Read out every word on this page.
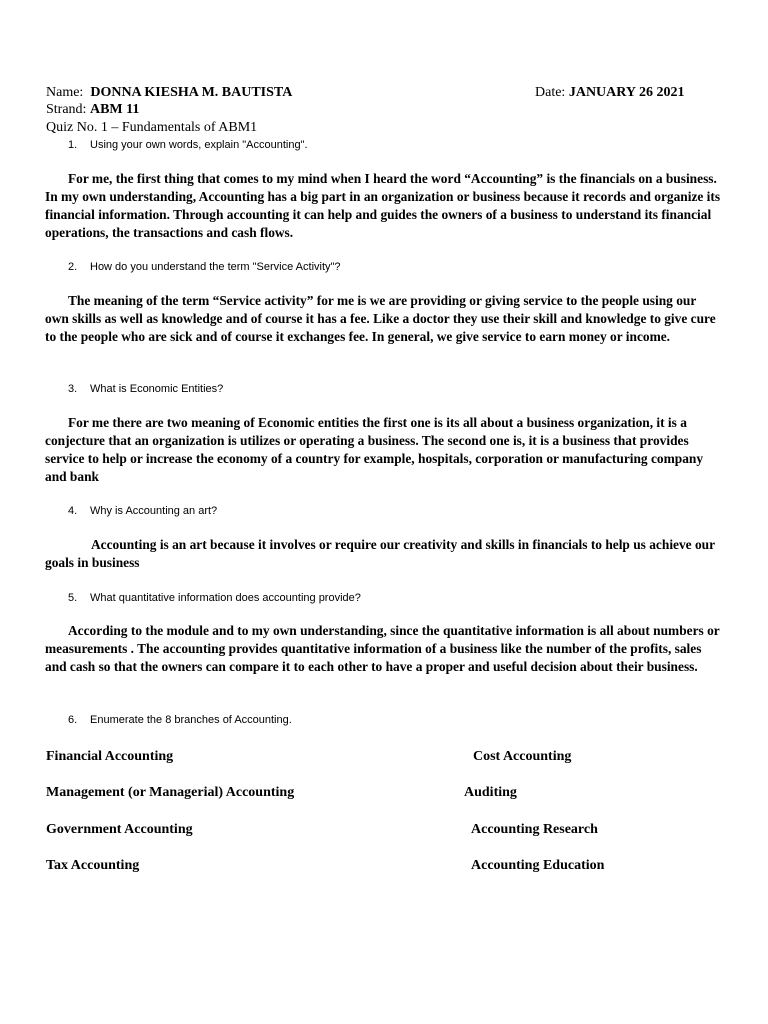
Name: DONNA KIESHA M. BAUTISTA	Date: JANUARY 26 2021
Strand: ABM 11
Quiz No. 1 – Fundamentals of ABM1
1. Using your own words, explain "Accounting".

For me, the first thing that comes to my mind when I heard the word “Accounting” is the financials on a business. In my own understanding, Accounting has a big part in an organization or business because it records and organize its financial information. Through accounting it can help and guides the owners of a business to understand its financial operations, the transactions and cash flows.

2. How do you understand the term "Service Activity"?

The meaning of the term “Service activity” for me is we are providing or giving service to the people using our own skills as well as knowledge and of course it has a fee. Like a doctor they use their skill and knowledge to give cure to the people who are sick and of course it exchanges fee. In general, we give service to earn money or income.

3. What is Economic Entities?

For me there are two meaning of Economic entities the first one is its all about a business organization, it is a conjecture that an organization is utilizes or operating a business. The second one is, it is a business that provides service to help or increase the economy of a country for example, hospitals, corporation or manufacturing company and bank

4. Why is Accounting an art?

Accounting is an art because it involves or require our creativity and skills in financials to help us achieve our goals in business

5. What quantitative information does accounting provide?

According to the module and to my own understanding, since the quantitative information is all about numbers or measurements . The accounting provides quantitative information of a business like the number of the profits, sales and cash so that the owners can compare it to each other to have a proper and useful decision about their business.

6. Enumerate the 8 branches of Accounting.
Financial Accounting	Cost Accounting
Management (or Managerial) Accounting	Auditing
Government Accounting	Accounting Research
Tax Accounting	Accounting Education
